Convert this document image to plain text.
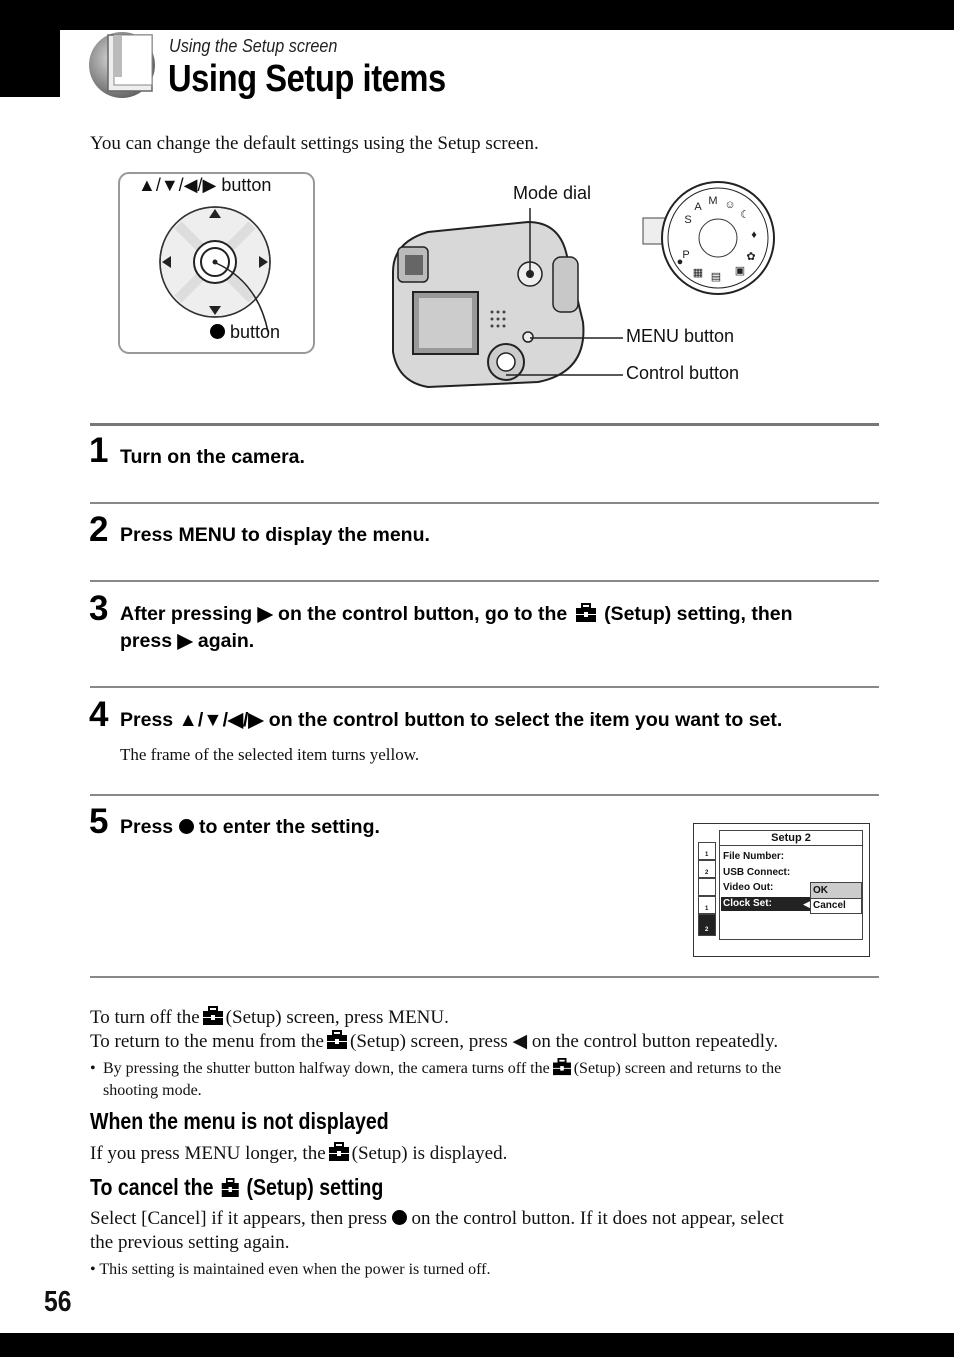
Using the Setup screen
Using Setup items
You can change the default settings using the Setup screen.
P
S
A M ☺
☾
♦
✿
▣
▤
▦
●
▲/▼/◀/▶ button
button
Mode dial
MENU button
Control button
1 Turn on the camera.
2 Press MENU to display the menu.
3 After pressing ▶ on the control button, go to the (Setup) setting, then
press ▶ again.
4 Press ▲/▼/◀/▶ on the control button to select the item you want to set.
The frame of the selected item turns yellow.
5 Press to enter the setting.
1
2
1
2
Setup 2
File Number:
USB Connect:
Video Out:
Clock Set:	◀
OK
Cancel
To turn off the (Setup) screen, press MENU.
To return to the menu from the (Setup) screen, press ◀ on the control button repeatedly.
• By pressing the shutter button halfway down, the camera turns off the (Setup) screen and returns to the
shooting mode.
When the menu is not displayed
If you press MENU longer, the (Setup) is displayed.
To cancel the (Setup) setting
Select [Cancel] if it appears, then press on the control button. If it does not appear, select
the previous setting again.
• This setting is maintained even when the power is turned off.
56
